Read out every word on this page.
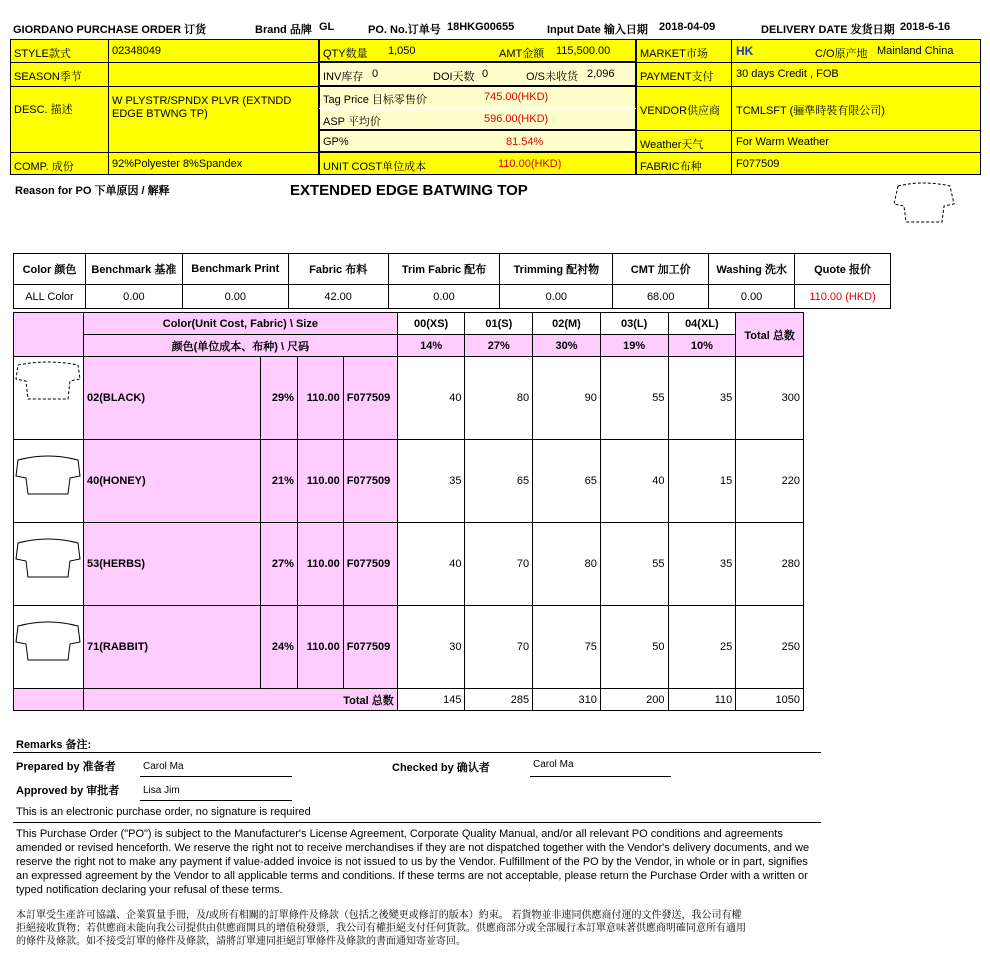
GIORDANO PURCHASE ORDER 订货	Brand 品牌 GL	PO. No.订单号 18HKG00655	Input Date 输入日期 2018-04-09	DELIVERY DATE 发货日期 2018-6-16
STYLE款式	02348049
SEASON季节
DESC. 描述
W PLYSTR/SPNDX PLVR (EXTNDD
EDGE BTWNG TP)
COMP. 成份	92%Polyester 8%Spandex
QTY数量 1,050	AMT金额 115,500.00
INV库存 0	DOI天数 0	O/S未收货 2,096
Tag Price 目标零售价	745.00(HKD)
ASP 平均价	596.00(HKD)
GP%	81.54%
UNIT COST单位成本	110.00(HKD)
MARKET市场 HK	C/O原产地 Mainland China
PAYMENT支付 30 days Credit , FOB
VENDOR供应商 TCMLSFT (骊準時裝有限公司)
Weather天气	For Warm Weather
FABRIC布种	F077509
Reason for PO 下单原因 / 解释	EXTENDED EDGE BATWING TOP
Color 颜色	Benchmark 基准	Benchmark Print	Fabric 布料	Trim Fabric 配布	Trimming 配衬物	CMT 加工价	Washing 洗水	Quote 报价
ALL Color	0.00	0.00	42.00	0.00	0.00	68.00	0.00	110.00 (HKD)
	Color(Unit Cost, Fabric) \ Size				00(XS)	01(S)	02(M)	03(L)	04(XL)	Total 总数
	颜色(单位成本、布种) \ 尺码				14%	27%	30%	19%	10%	
	02(BLACK)	29%	110.00	F077509	40	80	90	55	35	300
	40(HONEY)	21%	110.00	F077509	35	65	65	40	15	220
	53(HERBS)	27%	110.00	F077509	40	70	80	55	35	280
	71(RABBIT)	24%	110.00	F077509	30	70	75	50	25	250
	Total 总数				145	285	310	200	110	1050
Remarks 备注:
Prepared by 准备者	Carol Ma	Checked by 确认者	Carol Ma
Approved by 审批者 Lisa Jim
This is an electronic purchase order, no signature is required
This Purchase Order ("PO") is subject to the Manufacturer's License Agreement, Corporate Quality Manual, and/or all relevant PO conditions and agreements
amended or revised henceforth. We reserve the right not to receive merchandises if they are not dispatched together with the Vendor's delivery documents, and we
reserve the right not to make any payment if value-added invoice is not issued to us by the Vendor. Fulfillment of the PO by the Vendor, in whole or in part, signifies
an expressed agreement by the Vendor to all applicable terms and conditions. If these terms are not acceptable, please return the Purchase Order with a written or
typed notification declaring your refusal of these terms.
本訂單受生產許可協議、企業質量手冊，及/或所有相關的訂單條件及條款（包括之後變更或修訂的版本）約束。 若貨物並非連同供應商付運的文件發送，我公司有權
拒絕接收貨物；若供應商未能向我公司提供由供應商開具的增值稅發票，我公司有權拒絕支付任何貨款。供應商部分或全部履行本訂單意味著供應商明確同意所有適用
的條件及條款。如不接受訂單的條件及條款，請將訂單連同拒絕訂單條件及條款的書面通知寄並寄回。
